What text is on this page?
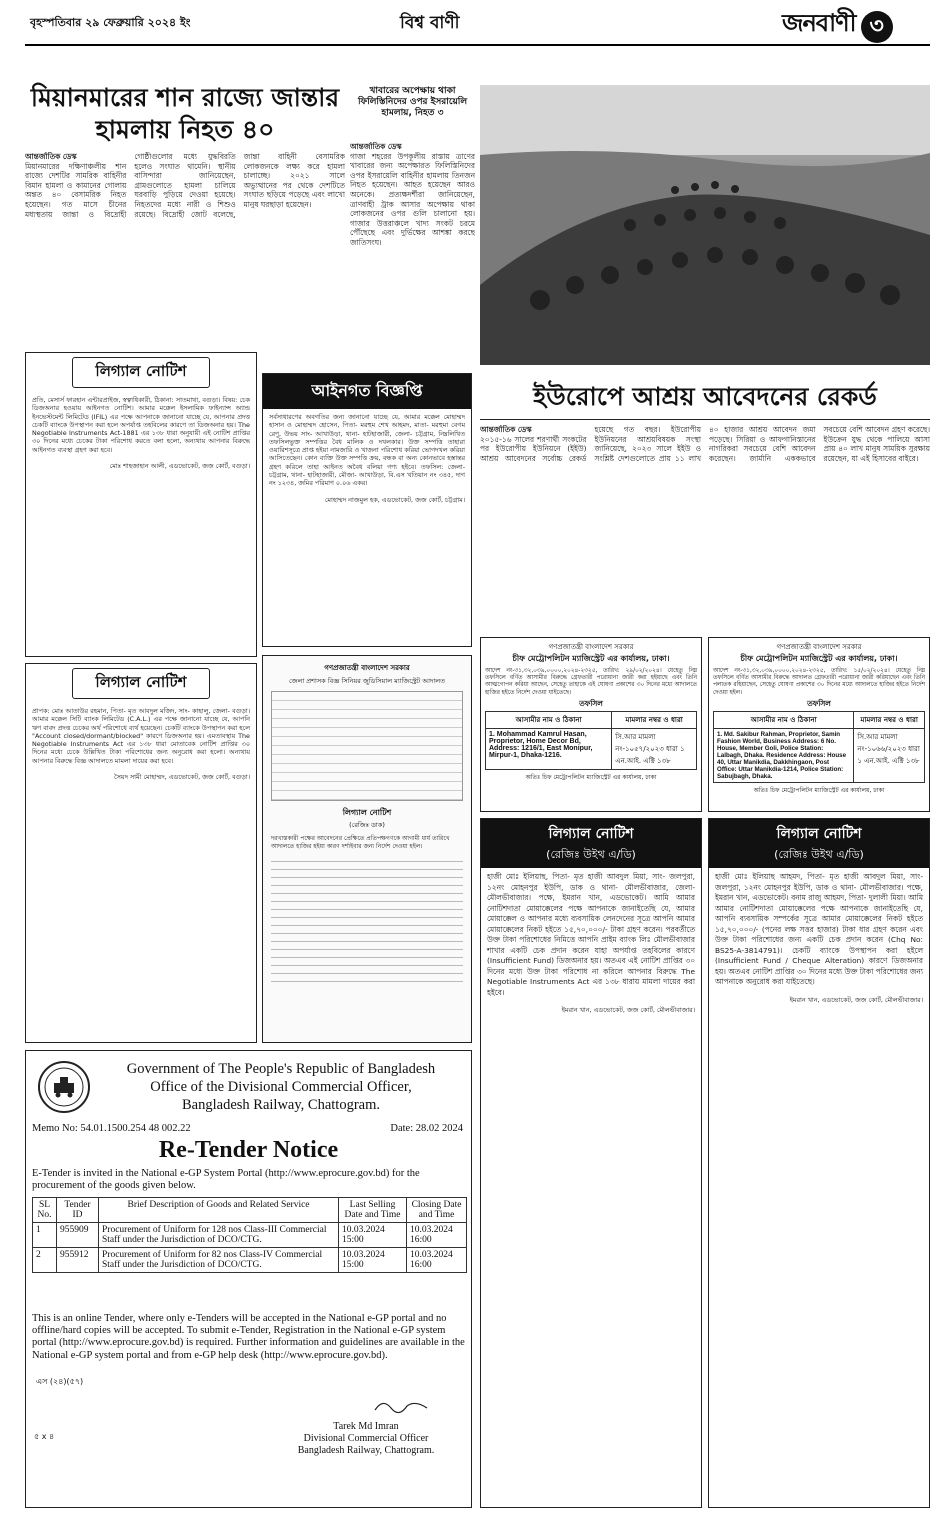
বৃহস্পতিবার ২৯ ফেব্রুয়ারি ২০২৪ ইং	বিশ্ব বাণী	জনবাণী ৩
মিয়ানমারের শান রাজ্যে জান্তার হামলায় নিহত ৪০
আন্তর্জাতিক ডেস্ক

মিয়ানমারের দক্ষিণাঞ্চলীয় শান রাজ্যে দেশটির সামরিক বাহিনীর বিমান হামলা ও কামানের গোলায় অন্তত ৪০ বেসামরিক নিহত হয়েছেন। গত মাসে চীনের মধ্যস্থতায় জান্তা ও বিদ্রোহী গোষ্ঠীগুলোর মধ্যে যুদ্ধবিরতি হলেও সংঘাত থামেনি। স্থানীয় বাসিন্দারা জানিয়েছেন, গ্রামগুলোতে হামলা চালিয়ে ঘরবাড়ি পুড়িয়ে দেওয়া হয়েছে। নিহতদের মধ্যে নারী ও শিশুও রয়েছে। বিদ্রোহী জোট বলেছে, জান্তা বাহিনী বেসামরিক লোকজনকে লক্ষ্য করে হামলা চালাচ্ছে। ২০২১ সালে অভ্যুত্থানের পর থেকে দেশটিতে সংঘাত ছড়িয়ে পড়েছে এবং লাখো মানুষ ঘরছাড়া হয়েছেন।

খাবারের অপেক্ষায় থাকা ফিলিস্তিনিদের ওপর ইসরায়েলি হামলায়, নিহত ৩
আন্তর্জাতিক ডেস্ক

গাজা শহরের উপকূলীয় রাস্তায় ত্রাণের খাবারের জন্য অপেক্ষারত ফিলিস্তিনিদের ওপর ইসরায়েলি বাহিনীর হামলায় তিনজন নিহত হয়েছেন। আহত হয়েছেন আরও অনেকে। প্রত্যক্ষদর্শীরা জানিয়েছেন, ত্রাণবাহী ট্রাক আসার অপেক্ষায় থাকা লোকজনের ওপর গুলি চালানো হয়। গাজার উত্তরাঞ্চলে খাদ্য সংকট চরমে পৌঁছেছে এবং দুর্ভিক্ষের আশঙ্কা করছে জাতিসংঘ।

লিগ্যাল নোটিশ
প্রতি, মেসার্স ফারহান এন্টারপ্রাইজ, স্বত্বাধিকারী, ঠিকানা: সাতমাথা, বগুড়া। বিষয়: চেক ডিজঅনার হওয়ায় আইনগত নোটিশ। আমার মক্কেল ইসলামিক ফাইন্যান্স অ্যান্ড ইনভেস্টমেন্ট লিমিটেড (IFIL) এর পক্ষে আপনাকে জানানো যাচ্ছে যে, আপনার প্রদত্ত চেকটি ব্যাংকে উপস্থাপন করা হলে অপর্যাপ্ত তহবিলের কারণে তা ডিজঅনার হয়। The Negotiable Instruments Act-1881 এর ১৩৮ ধারা অনুযায়ী এই নোটিশ প্রাপ্তির ৩০ দিনের মধ্যে চেকের টাকা পরিশোধ করতে বলা হলো, অন্যথায় আপনার বিরুদ্ধে আইনগত ব্যবস্থা গ্রহণ করা হবে।
মোঃ শাহজাহান আলী, এডভোকেট, জজ কোর্ট, বগুড়া।
লিগ্যাল নোটিশ
প্রাপক: মোঃ আতাউর রহমান, পিতা- মৃত আবদুল মজিদ, সাং- কাহালু, জেলা- বগুড়া। আমার মক্কেল সিটি ব্যাংক লিমিটেড (C.A.L.) এর পক্ষে জানানো যাচ্ছে যে, আপনি ঋণ বাবদ প্রদত্ত চেকের অর্থ পরিশোধে ব্যর্থ হয়েছেন। চেকটি ব্যাংকে উপস্থাপন করা হলে "Account closed/dormant/blocked" কারণে ডিজঅনার হয়। এমতাবস্থায় The Negotiable Instruments Act এর ১৩৮ ধারা মোতাবেক নোটিশ প্রাপ্তির ৩০ দিনের মধ্যে চেকে উল্লিখিত টাকা পরিশোধের জন্য অনুরোধ করা হলো। অন্যথায় আপনার বিরুদ্ধে বিজ্ঞ আদালতে মামলা দায়ের করা হবে।
সৈয়দ সামী মোহাম্মদ, এডভোকেট, জজ কোর্ট, বগুড়া।
আইনগত বিজ্ঞপ্তি
সর্বসাধারণের অবগতির জন্য জানানো যাচ্ছে যে, আমার মক্কেল মোহাম্মদ হাসান ও মোহাম্মদ হোসেন, পিতা- মরহুম শেখ আহমদ, মাতা- মরহুমা বেগম রেণু, উভয় সাং- আখাউড়া, থানা- হাটহাজারী, জেলা- চট্টগ্রাম, নিম্নলিখিত তফসিলভুক্ত সম্পত্তির বৈধ মালিক ও দখলকার। উক্ত সম্পত্তি তাহারা ওয়ারিশসূত্রে প্রাপ্ত হইয়া নামজারি ও খাজনা পরিশোধ করিয়া ভোগদখল করিয়া আসিতেছেন। কোন ব্যক্তি উক্ত সম্পত্তি ক্রয়, বন্ধক বা অন্য কোনভাবে হস্তান্তর গ্রহণ করিলে তাহা আইনত অবৈধ বলিয়া গণ্য হইবে। তফসিল: জেলা- চট্টগ্রাম, থানা- হাটহাজারী, মৌজা- আখাউড়া, বি.এস খতিয়ান নং ৩৪৫, দাগ নং ১২৩৪, জমির পরিমাণ ০.০৬ একর।
মোহাম্মদ নাজমুল হক, এডভোকেট, জজ কোর্ট, চট্টগ্রাম।
ইউরোপে আশ্রয় আবেদনের রেকর্ড
আন্তর্জাতিক ডেস্ক

২০১৫-১৬ সালের শরণার্থী সংকটের পর ইউরোপীয় ইউনিয়নে (ইইউ) আশ্রয় আবেদনের সর্বোচ্চ রেকর্ড হয়েছে গত বছর। ইউরোপীয় ইউনিয়নের আশ্রয়বিষয়ক সংস্থা জানিয়েছে, ২০২৩ সালে ইইউ ও সংশ্লিষ্ট দেশগুলোতে প্রায় ১১ লাখ ৪০ হাজার আশ্রয় আবেদন জমা পড়েছে। সিরিয়া ও আফগানিস্তানের নাগরিকরা সবচেয়ে বেশি আবেদন করেছেন। জার্মানি এককভাবে সবচেয়ে বেশি আবেদন গ্রহণ করেছে। ইউক্রেন যুদ্ধ থেকে পালিয়ে আসা প্রায় ৪০ লাখ মানুষ সাময়িক সুরক্ষায় রয়েছেন, যা এই হিসাবের বাইরে।

গণপ্রজাতন্ত্রী বাংলাদেশ সরকার
চীফ মেট্রোপলিটন ম্যাজিস্ট্রেট এর কার্যালয়, ঢাকা।
আদেশ নং-৩১,৩২,০৩৯,০০০০,২০২৪-২৩২৫, তারিখ: ২৯/০২/২০২৪। যেহেতু নিম্ন তফসিলে বর্ণিত আসামীর বিরুদ্ধে গ্রেফতারী পরোয়ানা জারী করা হইয়াছে এবং তিনি আত্মগোপন করিয়া আছেন, সেহেতু তাহাকে এই ঘোষণা প্রকাশের ৩০ দিনের মধ্যে আদালতে হাজির হইতে নির্দেশ দেওয়া যাইতেছে।
তফসিল
আসামীর নাম ও ঠিকানা	মামলার নম্বর ও ধারা
1. Mohammad Kamrul Hasan, Proprietor, Home Decor Bd, Address: 1216/1, East Monipur, Mirpur-1, Dhaka-1216.	সি.আর মামলা নং-১০৫৭/২০২৩ ধারা ১ এন.আই. এক্টি ১৩৮
অতিঃ চিফ মেট্রোপলিটন ম্যাজিস্ট্রেট এর কার্যালয়, ঢাকা
গণপ্রজাতন্ত্রী বাংলাদেশ সরকার
চীফ মেট্রোপলিটন ম্যাজিস্ট্রেট এর কার্যালয়, ঢাকা।
আদেশ নং-৩১,৩২,০৩৯,০০০০,২০২৪-২৩২৫, তারিখ: ১৫/০২/২০২৪। যেহেতু নিম্ন তফসিলে বর্ণিত আসামীর বিরুদ্ধে আদালত গ্রেফতারী পরোয়ানা জারী করিয়াছেন এবং তিনি পলাতক রহিয়াছেন, সেহেতু ঘোষণা প্রকাশের ৩০ দিনের মধ্যে আদালতে হাজির হইতে নির্দেশ দেওয়া হইল।
তফসিল
আসামীর নাম ও ঠিকানা	মামলার নম্বর ও ধারা
1. Md. Sakibur Rahman, Proprietor, Samin Fashion World, Business Address: 6 No. House, Member Goli, Police Station: Lalbagh, Dhaka. Residence Address: House 40, Uttar Manikdia, Dakkhingaon, Post Office: Uttar Manikdia-1214, Police Station: Sabujbagh, Dhaka.	সি.আর মামলা নং-১০৬৬/২০২৩ ধারা ১ এন.আই. এক্টি ১৩৮
অতিঃ চিফ মেট্রোপলিটন ম্যাজিস্ট্রেট এর কার্যালয়, ঢাকা
গণপ্রজাতন্ত্রী বাংলাদেশ সরকার
জেলা প্রশাসক বিজ্ঞ সিনিয়র জুডিসিয়াল ম্যাজিস্ট্রেট আদালত
লিগ্যাল নোটিশ
(রেজিঃ ডাক)
দরখাস্তকারী পক্ষের আবেদনের প্রেক্ষিতে প্রতিপক্ষগণকে আগামী ধার্য তারিখে আদালতে হাজির হইয়া কারণ দর্শাইবার জন্য নির্দেশ দেওয়া হইল।
লিগ্যাল নোটিশ
(রেজিঃ উইথ এ/ডি)
হাজী মোঃ ইলিয়াছ, পিতা- মৃত হাজী আবদুল মিয়া, সাং- জলপুরা, ১২নং মোহনপুর ইউপি, ডাক ও থানা- মৌলভীবাজার, জেলা- মৌলভীবাজার। পক্ষে, ইমরান খান, এডভোকেট। আমি আমার নোটিশদাতা মোয়াক্কেলের পক্ষে আপনাকে জানাইতেছি যে, আমার মোয়াক্কেল ও আপনার মধ্যে ব্যবসায়িক লেনদেনের সূত্রে আপনি আমার মোয়াক্কেলের নিকট হইতে ১৫,৭০,০০০/- টাকা গ্রহণ করেন। পরবর্তীতে উক্ত টাকা পরিশোধের নিমিত্তে আপনি প্রাইম ব্যাংক লিঃ মৌলভীবাজার শাখার একটি চেক প্রদান করেন যাহা অপর্যাপ্ত তহবিলের কারণে (Insufficient Fund) ডিজঅনার হয়। অতএব এই নোটিশ প্রাপ্তির ৩০ দিনের মধ্যে উক্ত টাকা পরিশোধ না করিলে আপনার বিরুদ্ধে The Negotiable Instruments Act এর ১৩৮ ধারায় মামলা দায়ের করা হইবে।
ইমরান খান, এডভোকেট, জজ কোর্ট, মৌলভীবাজার।
লিগ্যাল নোটিশ
(রেজিঃ উইথ এ/ডি)
হাজী মোঃ ইলিয়াছ আহমদ, পিতা- মৃত হাজী আবদুল মিয়া, সাং- জলপুরা, ১২নং মোহনপুর ইউপি, ডাক ও থানা- মৌলভীবাজার। পক্ষে, ইমরান খান, এডভোকেট। বনাম রাজু আহমদ, পিতা- দুলালী মিয়া। আমি আমার নোটিশদাতা মোয়াক্কেলের পক্ষে আপনাকে জানাইতেছি যে, আপনি ব্যবসায়িক সম্পর্কের সূত্রে আমার মোয়াক্কেলের নিকট হইতে ১৫,৭০,০০০/- (পনের লক্ষ সত্তর হাজার) টাকা ধার গ্রহণ করেন এবং উক্ত টাকা পরিশোধের জন্য একটি চেক প্রদান করেন (Chq No: BS25-A-3814791)। চেকটি ব্যাংকে উপস্থাপন করা হইলে (Insufficient Fund / Cheque Alteration) কারণে ডিজঅনার হয়। অতএব নোটিশ প্রাপ্তির ৩০ দিনের মধ্যে উক্ত টাকা পরিশোধের জন্য আপনাকে অনুরোধ করা যাইতেছে।
ইমরান খান, এডভোকেট, জজ কোর্ট, মৌলভীবাজার।
Government of The People's Republic of Bangladesh
Office of the Divisional Commercial Officer,
Bangladesh Railway, Chattogram.
Memo No: 54.01.1500.254 48 002.22	Date: 28.02 2024
Re-Tender Notice
E-Tender is invited in the National e-GP System Portal (http://www.eprocure.gov.bd) for the procurement of the goods given below.
SL No.	Tender ID	Brief Description of Goods and Related Service	Last Selling Date and Time	Closing Date and Time
1	955909	Procurement of Uniform for 128 nos Class-III Commercial Staff under the Jurisdiction of DCO/CTG.	10.03.2024 15:00	10.03.2024 16:00
2	955912	Procurement of Uniform for 82 nos Class-IV Commercial Staff under the Jurisdiction of DCO/CTG.	10.03.2024 15:00	10.03.2024 16:00
This is an online Tender, where only e-Tenders will be accepted in the National e-GP portal and no offline/hard copies will be accepted. To submit e-Tender, Registration in the National e-GP system portal (http://www.eprocure.gov.bd) is required. Further information and guidelines are available in the National e-GP system portal and from e-GP help desk (http://www.eprocure.gov.bd).
এস (২৪)(৫৭)
Tarek Md Imran
Divisional Commercial Officer
Bangladesh Railway, Chattogram.
৫ x ৪
